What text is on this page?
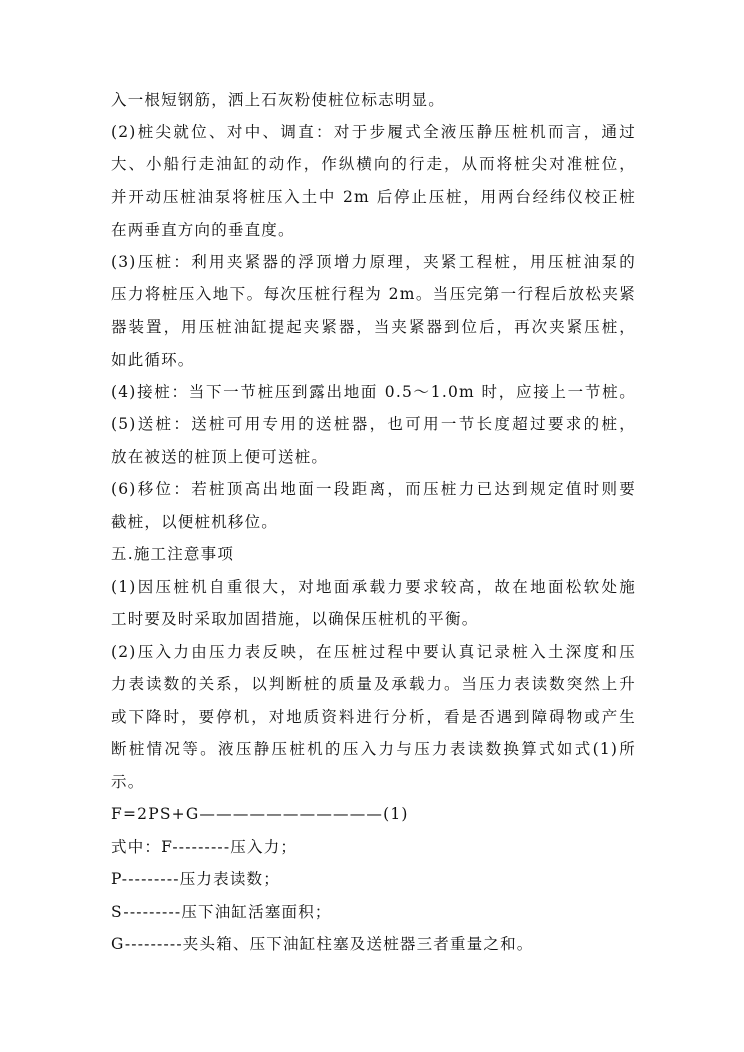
入一根短钢筋，洒上石灰粉使桩位标志明显。
(2)桩尖就位、对中、调直：对于步履式全液压静压桩机而言，通过
大、小船行走油缸的动作，作纵横向的行走，从而将桩尖对准桩位，
并开动压桩油泵将桩压入土中 2m 后停止压桩，用两台经纬仪校正桩
在两垂直方向的垂直度。
(3)压桩：利用夹紧器的浮顶增力原理，夹紧工程桩，用压桩油泵的
压力将桩压入地下。每次压桩行程为 2m。当压完第一行程后放松夹紧
器装置，用压桩油缸提起夹紧器，当夹紧器到位后，再次夹紧压桩，
如此循环。
(4)接桩：当下一节桩压到露出地面 0.5～1.0m 时，应接上一节桩。
(5)送桩：送桩可用专用的送桩器，也可用一节长度超过要求的桩，
放在被送的桩顶上便可送桩。
(6)移位：若桩顶高出地面一段距离，而压桩力已达到规定值时则要
截桩，以便桩机移位。
五.施工注意事项
(1)因压桩机自重很大，对地面承载力要求较高，故在地面松软处施
工时要及时采取加固措施，以确保压桩机的平衡。
(2)压入力由压力表反映，在压桩过程中要认真记录桩入土深度和压
力表读数的关系，以判断桩的质量及承载力。当压力表读数突然上升
或下降时，要停机，对地质资料进行分析，看是否遇到障碍物或产生
断桩情况等。液压静压桩机的压入力与压力表读数换算式如式(1)所
示。
F=2PS+G———————————(1)
式中：F---------压入力；
P---------压力表读数；
S---------压下油缸活塞面积；
G---------夹头箱、压下油缸柱塞及送桩器三者重量之和。
